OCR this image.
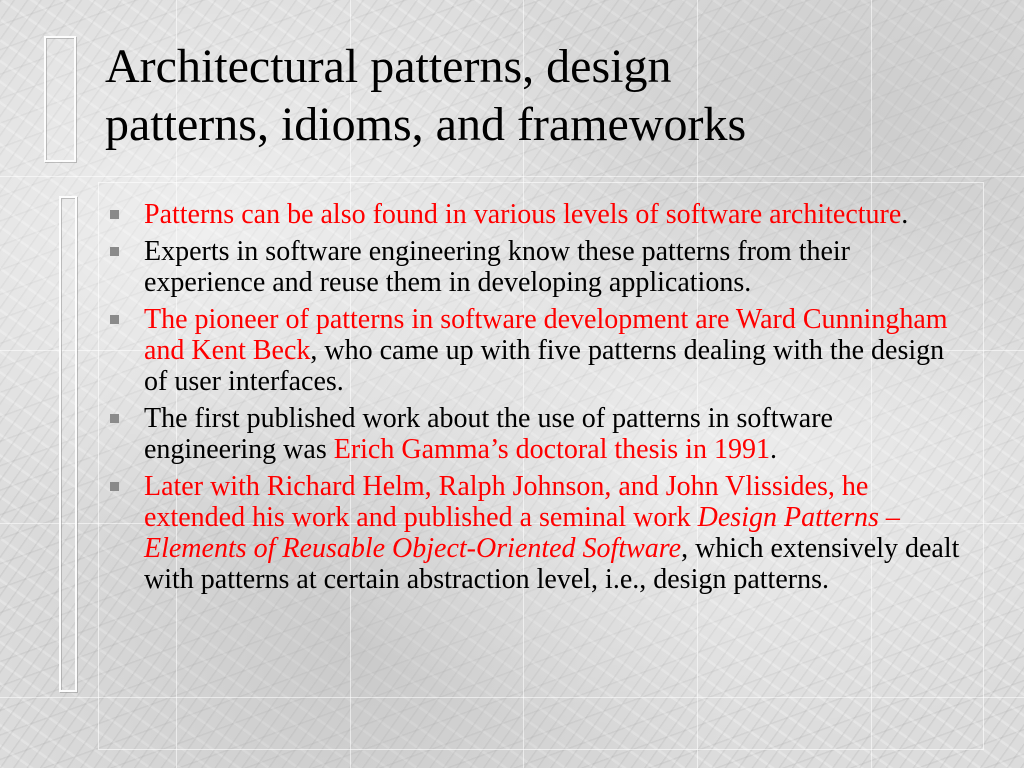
Architectural patterns, design
patterns, idioms, and frameworks
Patterns can be also found in various levels of software architecture.
Experts in software engineering know these patterns from their experience and reuse them in developing applications.
The pioneer of patterns in software development are Ward Cunningham and Kent Beck, who came up with five patterns dealing with the design of user interfaces.
The first published work about the use of patterns in software engineering was Erich Gamma’s doctoral thesis in 1991.
Later with Richard Helm, Ralph Johnson, and John Vlissides, he extended his work and published a seminal work Design Patterns – Elements of Reusable Object-Oriented Software, which extensively dealt with patterns at certain abstraction level, i.e., design patterns.
